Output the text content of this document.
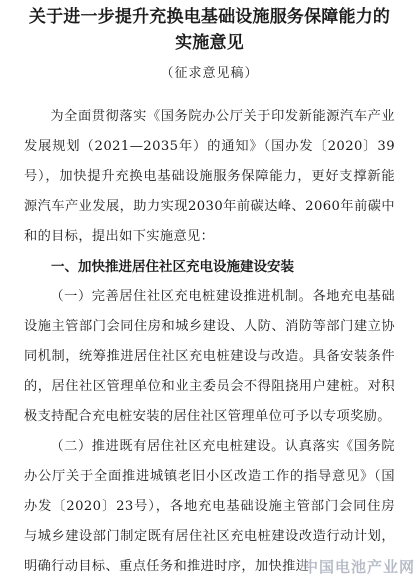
关于进一步提升充换电基础设施服务保障能力的实施意见

（征求意见稿）

为全面贯彻落实《国务院办公厅关于印发新能源汽车产业发展规划（2021—2035年）的通知》（国办发〔2020〕39号），加快提升充换电基础设施服务保障能力，更好支撑新能源汽车产业发展，助力实现2030年前碳达峰、2060年前碳中和的目标，提出如下实施意见：

一、加快推进居住社区充电设施建设安装

（一）完善居住社区充电桩建设推进机制。各地充电基础设施主管部门会同住房和城乡建设、人防、消防等部门建立协同机制，统筹推进居住社区充电桩建设与改造。具备安装条件的，居住社区管理单位和业主委员会不得阻挠用户建桩。对积极支持配合充电桩安装的居住社区管理单位可予以专项奖励。

（二）推进既有居住社区充电桩建设。认真落实《国务院办公厅关于全面推进城镇老旧小区改造工作的指导意见》（国办发〔2020〕23号），各地充电基础设施主管部门会同住房与城乡建设部门制定既有居住社区充电桩建设改造行动计划，明确行动目标、重点任务和推进时序，加快推进

中国电池产业网
